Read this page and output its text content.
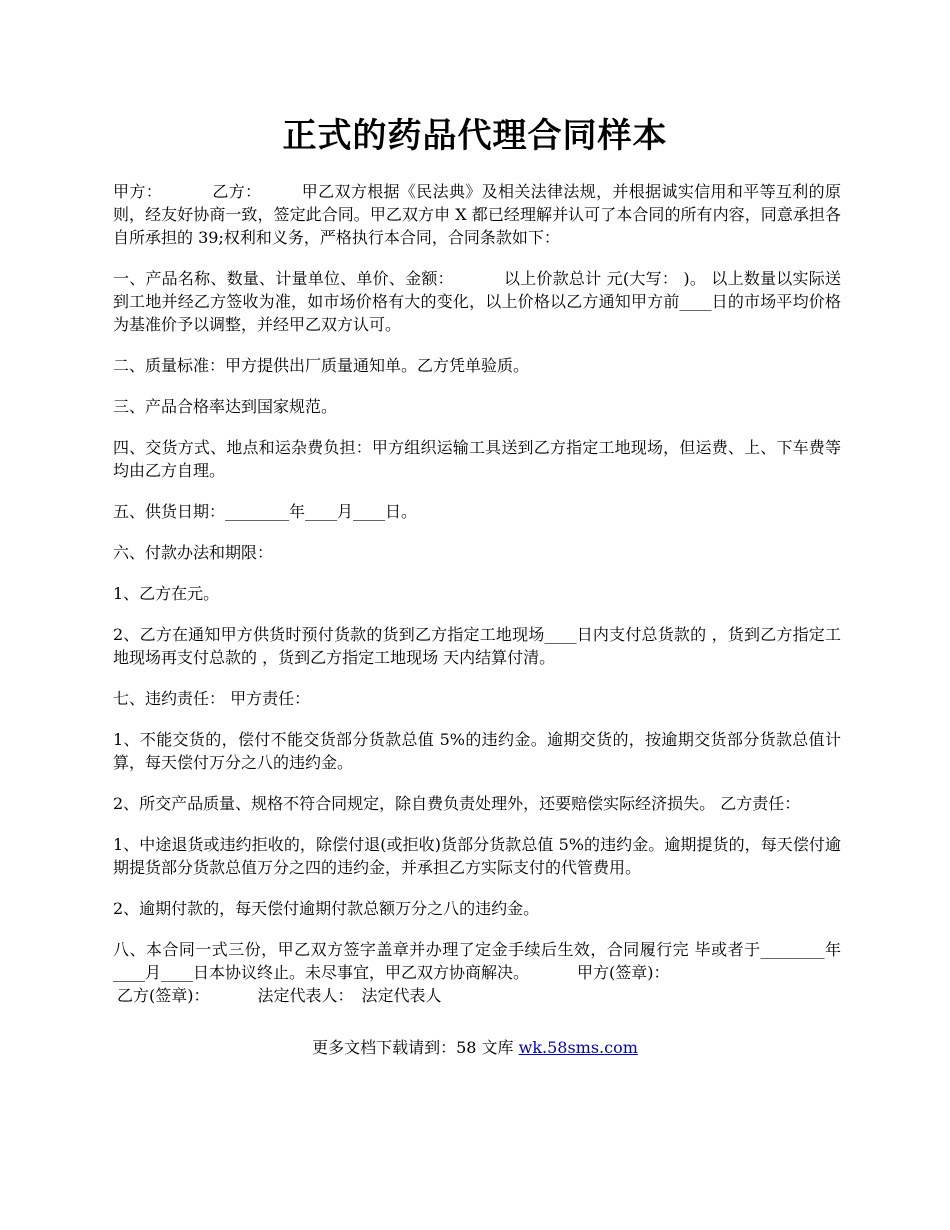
正式的药品代理合同样本

甲方：	乙方：	甲乙双方根据《民法典》及相关法律法规，并根据诚实信用和平等互利的原则，经友好协商一致，签定此合同。甲乙双方申 X 都已经理解并认可了本合同的所有内容，同意承担各自所承担的 39;权利和义务，严格执行本合同，合同条款如下：

一、产品名称、数量、计量单位、单价、金额：	以上价款总计 元(大写： )。 以上数量以实际送到工地并经乙方签收为准，如市场价格有大的变化，以上价格以乙方通知甲方前____日的市场平均价格为基准价予以调整，并经甲乙双方认可。

二、质量标准：甲方提供出厂质量通知单。乙方凭单验质。

三、产品合格率达到国家规范。

四、交货方式、地点和运杂费负担：甲方组织运输工具送到乙方指定工地现场，但运费、上、下车费等均由乙方自理。

五、供货日期：________年____月____日。

六、付款办法和期限：

1、乙方在元。

2、乙方在通知甲方供货时预付货款的货到乙方指定工地现场____日内支付总货款的 ，货到乙方指定工地现场再支付总款的 ，货到乙方指定工地现场 天内结算付清。

七、违约责任： 甲方责任：

1、不能交货的，偿付不能交货部分货款总值 5%的违约金。逾期交货的，按逾期交货部分货款总值计算，每天偿付万分之八的违约金。

2、所交产品质量、规格不符合同规定，除自费负责处理外，还要赔偿实际经济损失。 乙方责任：

1、中途退货或违约拒收的，除偿付退(或拒收)货部分货款总值 5%的违约金。逾期提货的，每天偿付逾期提货部分货款总值万分之四的违约金，并承担乙方实际支付的代管费用。

2、逾期付款的，每天偿付逾期付款总额万分之八的违约金。

八、本合同一式三份，甲乙双方签字盖章并办理了定金手续后生效，合同履行完 毕或者于________年____月____日本协议终止。未尽事宜，甲乙双方协商解决。	甲方(签章)：
乙方(签章)：	法定代表人： 法定代表人

更多文档下载请到：58 文库 wk.58sms.com
